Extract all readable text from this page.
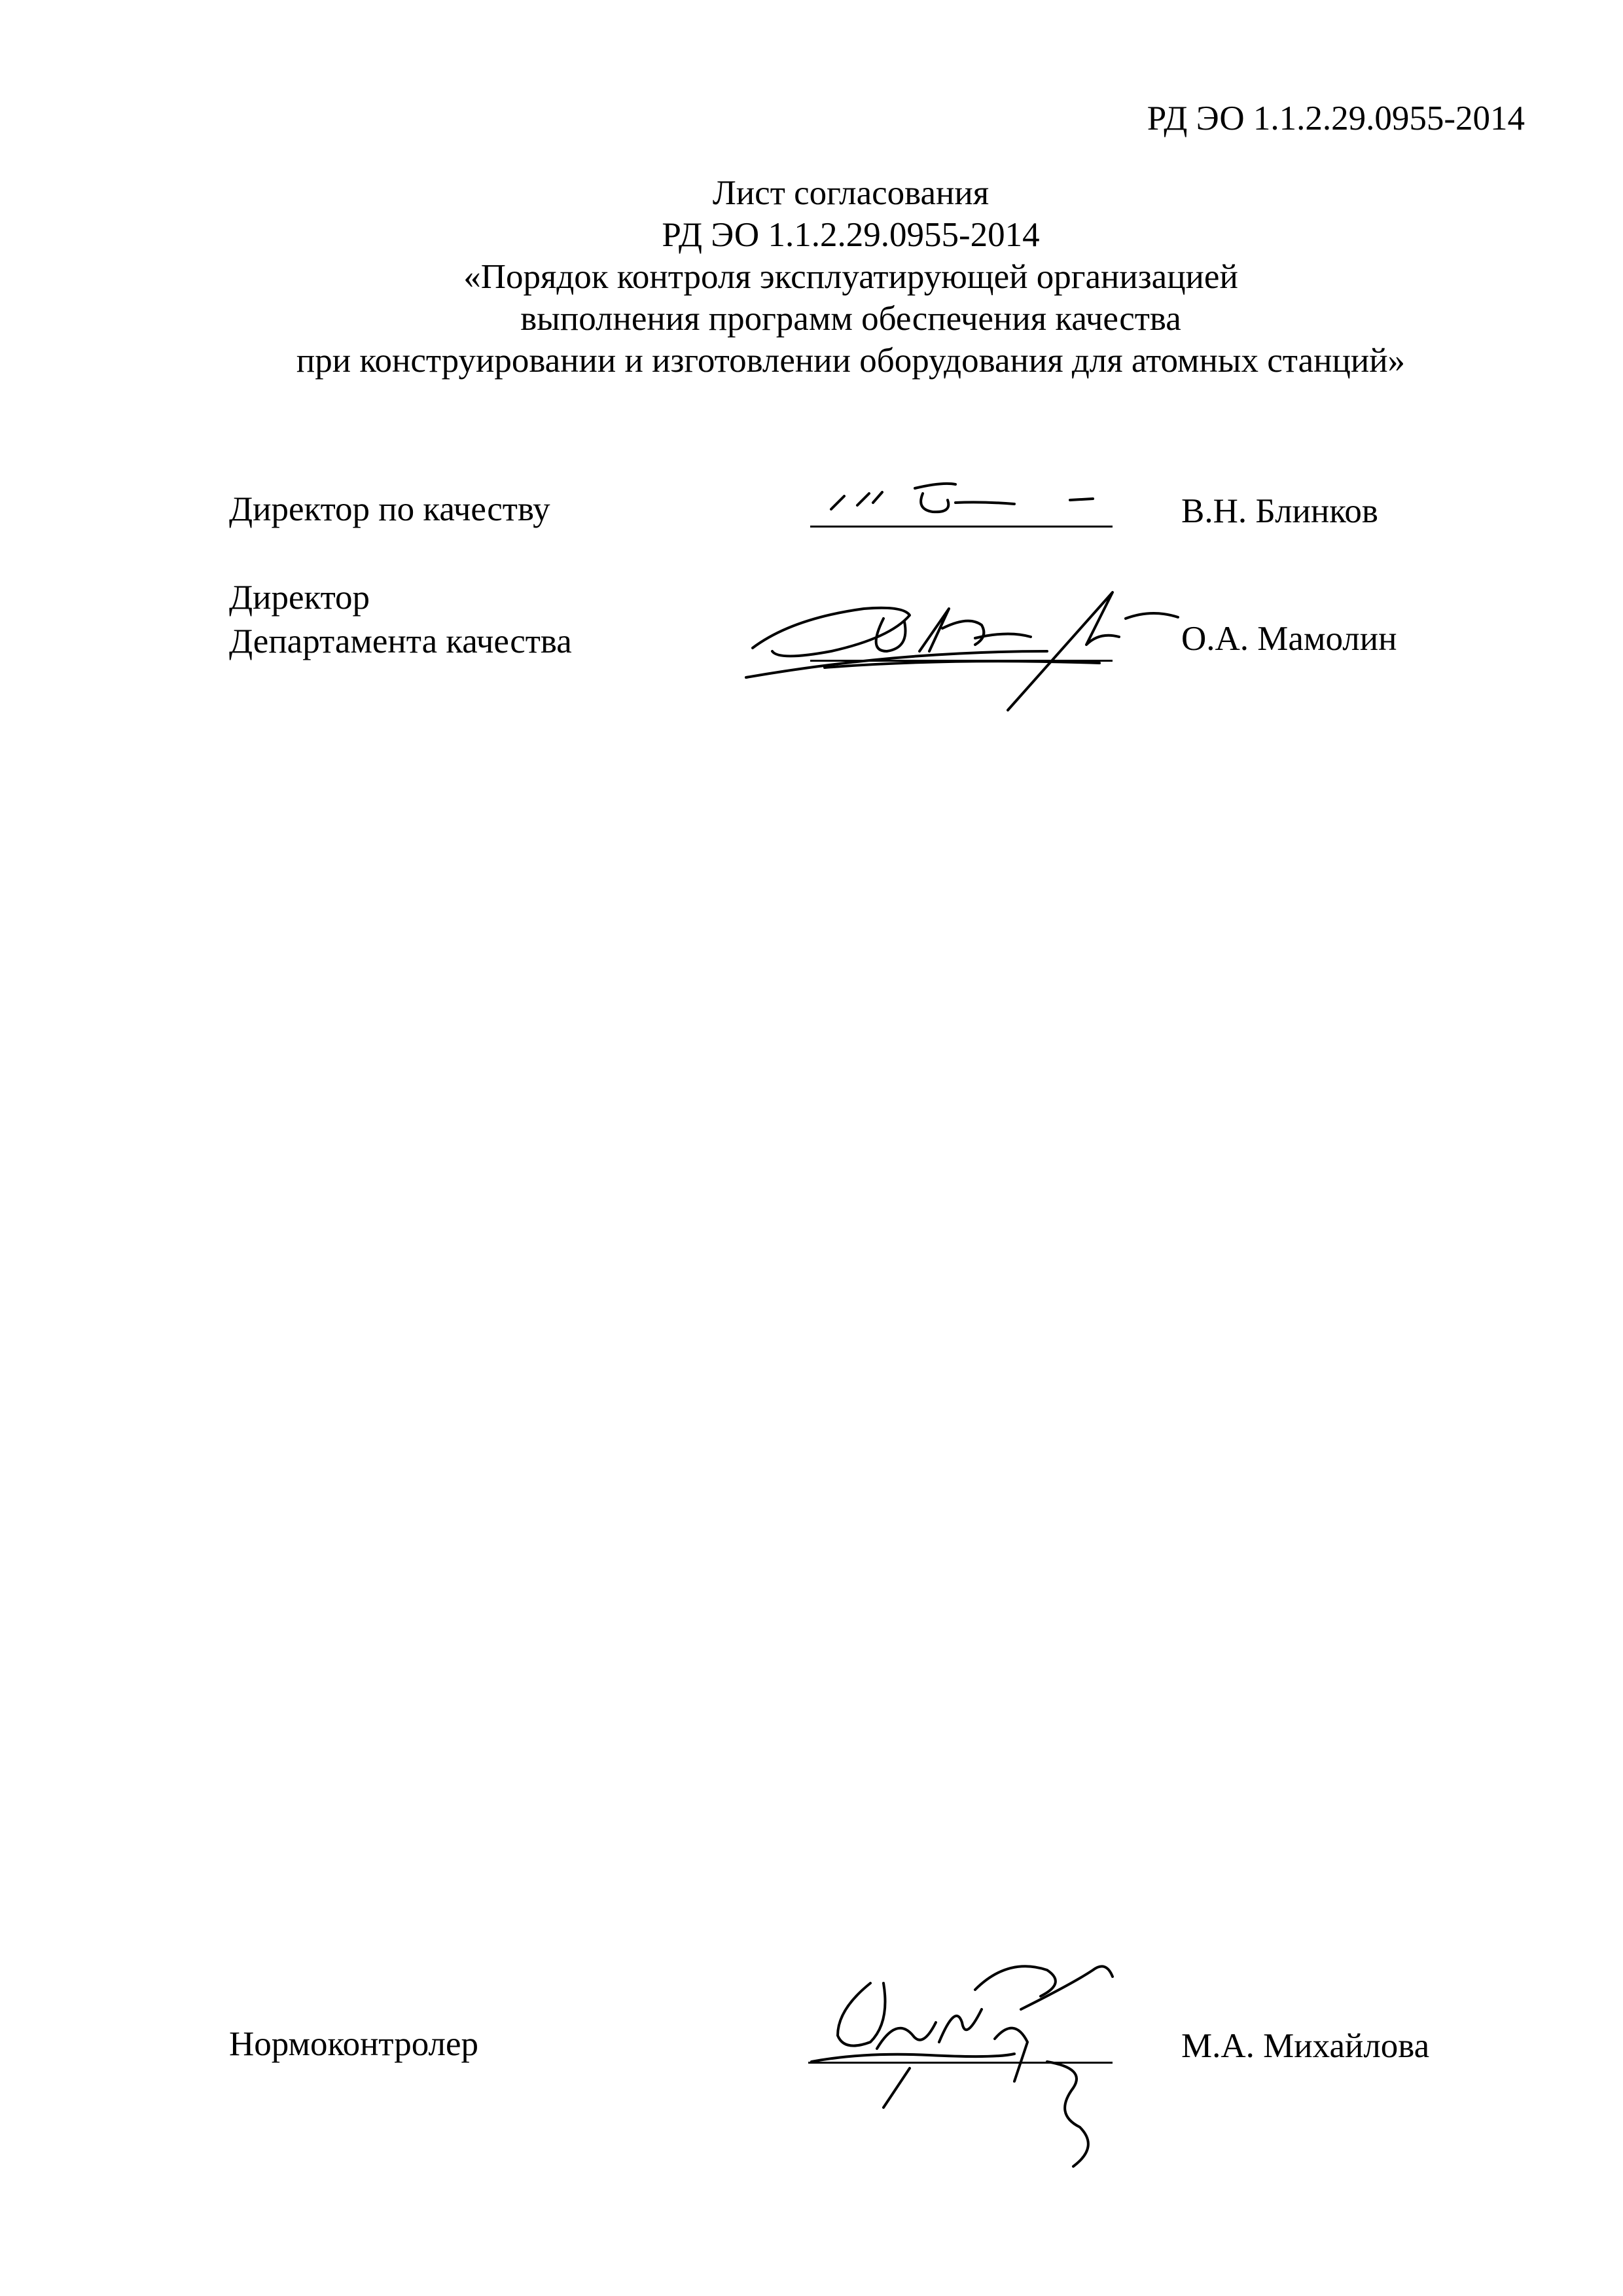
РД ЭО 1.1.2.29.0955-2014
Лист согласования
РД ЭО 1.1.2.29.0955-2014
«Порядок контроля эксплуатирующей организацией
выполнения программ обеспечения качества
при конструировании и изготовлении оборудования для атомных станций»
Директор по качеству	В.Н. Блинков
Директор
Департамента качества	О.А. Мамолин
Нормоконтролер	М.А. Михайлова
